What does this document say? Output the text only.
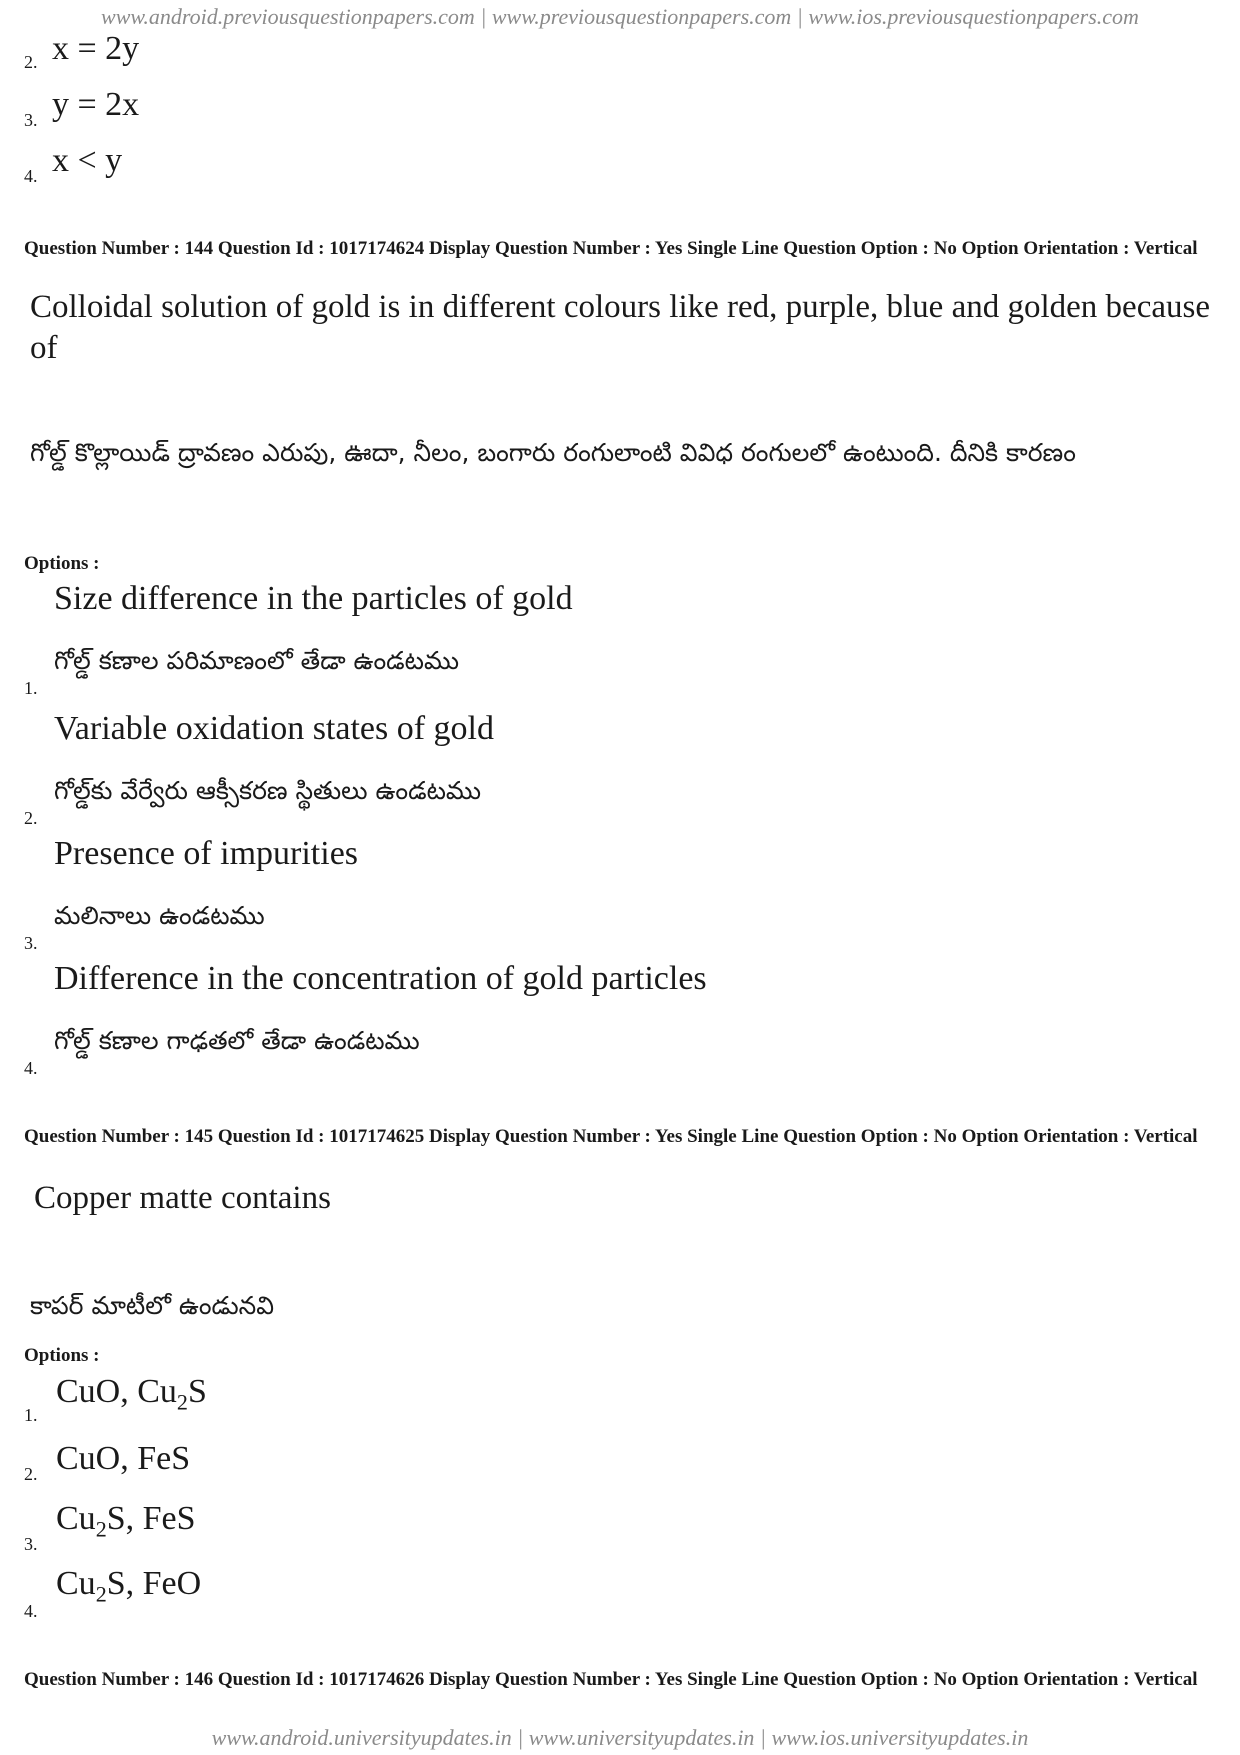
www.android.previousquestionpapers.com | www.previousquestionpapers.com | www.ios.previousquestionpapers.com
2. x = 2y
3. y = 2x
4. x < y
Question Number : 144 Question Id : 1017174624 Display Question Number : Yes Single Line Question Option : No Option Orientation : Vertical
Colloidal solution of gold is in different colours like red, purple, blue and golden because of
గోల్డ్ కొల్లాయిడ్ ద్రావణం ఎరుపు, ఊదా, నీలం, బంగారు రంగులాంటి వివిధ రంగులలో ఉంటుంది. దీనికి కారణం
Options :
Size difference in the particles of gold
గోల్డ్ కణాల పరిమాణంలో తేడా ఉండటము
1.
Variable oxidation states of gold
గోల్డ్‌కు వేర్వేరు ఆక్సీకరణ స్థితులు ఉండటము
2.
Presence of impurities
మలినాలు ఉండటము
3.
Difference in the concentration of gold particles
గోల్డ్ కణాల గాఢతలో తేడా ఉండటము
4.
Question Number : 145 Question Id : 1017174625 Display Question Number : Yes Single Line Question Option : No Option Orientation : Vertical
Copper matte contains
కాపర్ మాటీలో ఉండునవి
Options :
1.
CuO, $Cu_2S$
2. CuO, FeS
3.
$Cu_2S$, FeS
4.
$Cu_2S$, FeO
Question Number : 146 Question Id : 1017174626 Display Question Number : Yes Single Line Question Option : No Option Orientation : Vertical
www.android.universityupdates.in | www.universityupdates.in | www.ios.universityupdates.in
